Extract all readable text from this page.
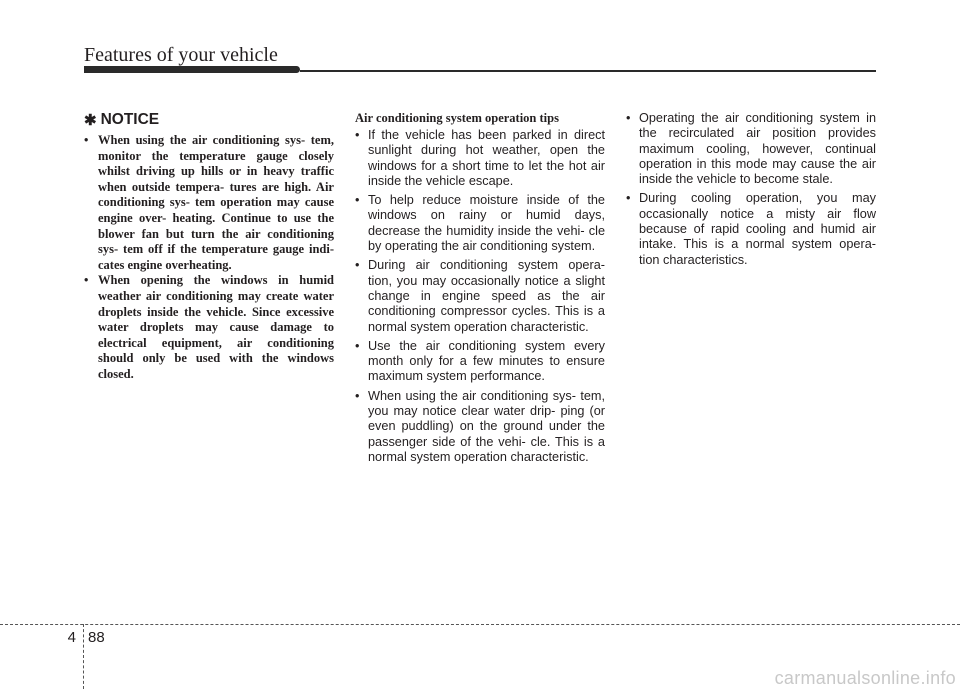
Features of your vehicle
✱ NOTICE
• When using the air conditioning sys- tem, monitor the temperature gauge closely whilst driving up hills or in heavy traffic when outside tempera- tures are high. Air conditioning sys- tem operation may cause engine over- heating. Continue to use the blower fan but turn the air conditioning sys- tem off if the temperature gauge indi- cates engine overheating.
• When opening the windows in humid weather air conditioning may create water droplets inside the vehicle. Since excessive water droplets may cause damage to electrical equipment, air conditioning should only be used with the windows closed.
Air conditioning system operation tips
• If the vehicle has been parked in direct sunlight during hot weather, open the windows for a short time to let the hot air inside the vehicle escape.
• To help reduce moisture inside of the windows on rainy or humid days, decrease the humidity inside the vehi- cle by operating the air conditioning system.
• During air conditioning system opera- tion, you may occasionally notice a slight change in engine speed as the air conditioning compressor cycles. This is a normal system operation characteristic.
• Use the air conditioning system every month only for a few minutes to ensure maximum system performance.
• When using the air conditioning sys- tem, you may notice clear water drip- ping (or even puddling) on the ground under the passenger side of the vehi- cle. This is a normal system operation characteristic.
• Operating the air conditioning system in the recirculated air position provides maximum cooling, however, continual operation in this mode may cause the air inside the vehicle to become stale.
• During cooling operation, you may occasionally notice a misty air flow because of rapid cooling and humid air intake. This is a normal system opera- tion characteristics.
4 88
carmanualsonline.info
